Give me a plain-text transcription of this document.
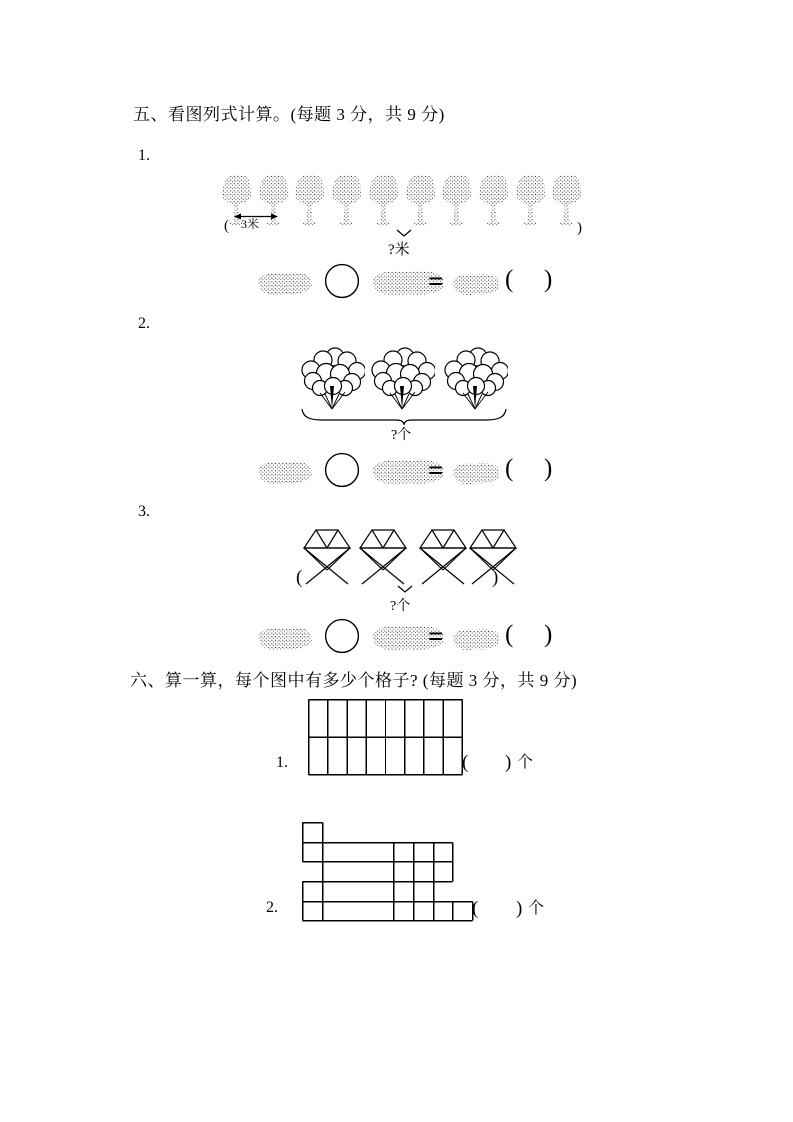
五、看图列式计算。(每题 3 分，共 9 分)
1.
3米
(	)
?米
= ( )
2.
?个
= ( )
3.
(	)
?个
= ( )
六、算一算，每个图中有多少个格子? (每题 3 分，共 9 分)
1.	( ) 个
2.	( ) 个
